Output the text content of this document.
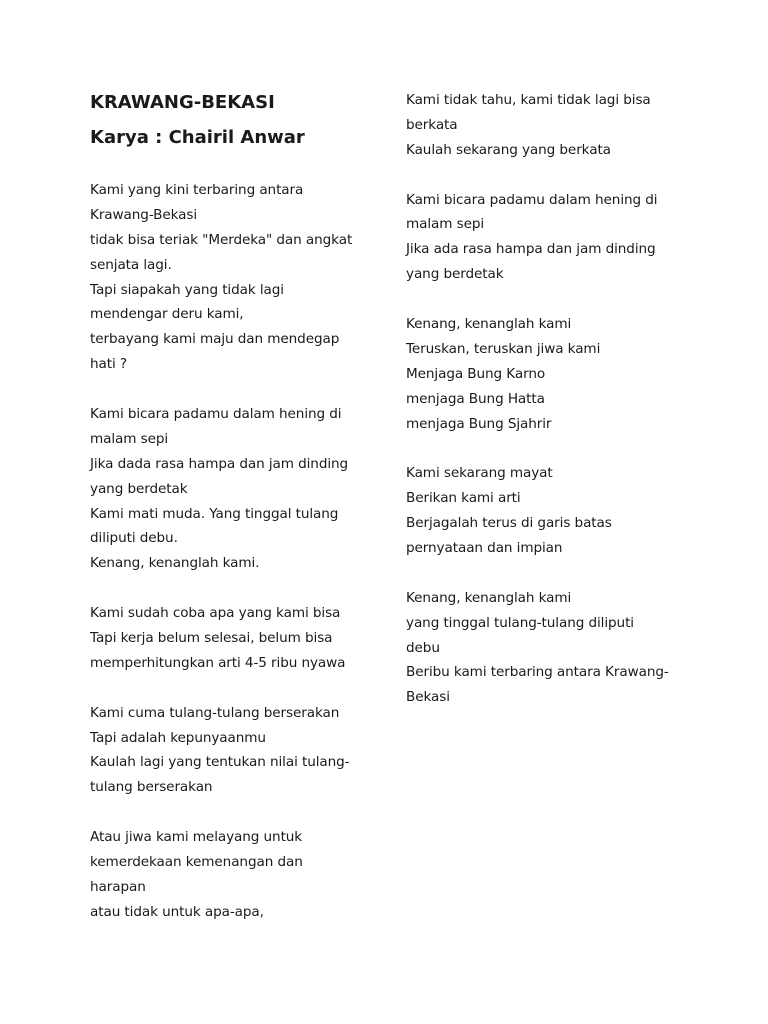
KRAWANG-BEKASI
Karya : Chairil Anwar
Kami yang kini terbaring antara
Krawang-Bekasi
tidak bisa teriak "Merdeka" dan angkat
senjata lagi.
Tapi siapakah yang tidak lagi
mendengar deru kami,
terbayang kami maju dan mendegap
hati ?
Kami bicara padamu dalam hening di
malam sepi
Jika dada rasa hampa dan jam dinding
yang berdetak
Kami mati muda. Yang tinggal tulang
diliputi debu.
Kenang, kenanglah kami.
Kami sudah coba apa yang kami bisa
Tapi kerja belum selesai, belum bisa
memperhitungkan arti 4-5 ribu nyawa
Kami cuma tulang-tulang berserakan
Tapi adalah kepunyaanmu
Kaulah lagi yang tentukan nilai tulang-
tulang berserakan
Atau jiwa kami melayang untuk
kemerdekaan kemenangan dan
harapan
atau tidak untuk apa-apa,
Kami tidak tahu, kami tidak lagi bisa
berkata
Kaulah sekarang yang berkata
Kami bicara padamu dalam hening di
malam sepi
Jika ada rasa hampa dan jam dinding
yang berdetak
Kenang, kenanglah kami
Teruskan, teruskan jiwa kami
Menjaga Bung Karno
menjaga Bung Hatta
menjaga Bung Sjahrir
Kami sekarang mayat
Berikan kami arti
Berjagalah terus di garis batas
pernyataan dan impian
Kenang, kenanglah kami
yang tinggal tulang-tulang diliputi
debu
Beribu kami terbaring antara Krawang-
Bekasi
